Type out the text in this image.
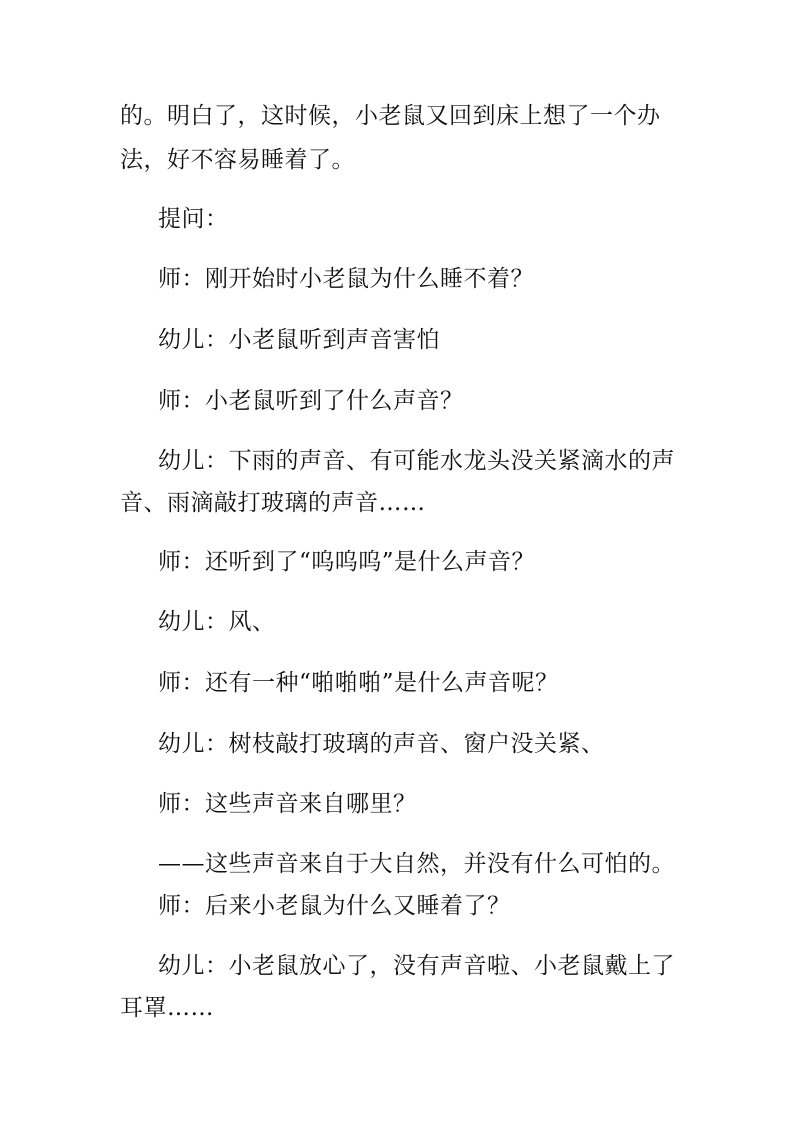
的。明白了，这时候，小老鼠又回到床上想了一个办
法，好不容易睡着了。
提问：
师：刚开始时小老鼠为什么睡不着？
幼儿：小老鼠听到声音害怕
师：小老鼠听到了什么声音？
幼儿：下雨的声音、有可能水龙头没关紧滴水的声
音、雨滴敲打玻璃的声音……
师：还听到了“呜呜呜”是什么声音？
幼儿：风、
师：还有一种“啪啪啪”是什么声音呢？
幼儿：树枝敲打玻璃的声音、窗户没关紧、
师：这些声音来自哪里？
——这些声音来自于大自然，并没有什么可怕的。
师：后来小老鼠为什么又睡着了？
幼儿：小老鼠放心了，没有声音啦、小老鼠戴上了
耳罩……
